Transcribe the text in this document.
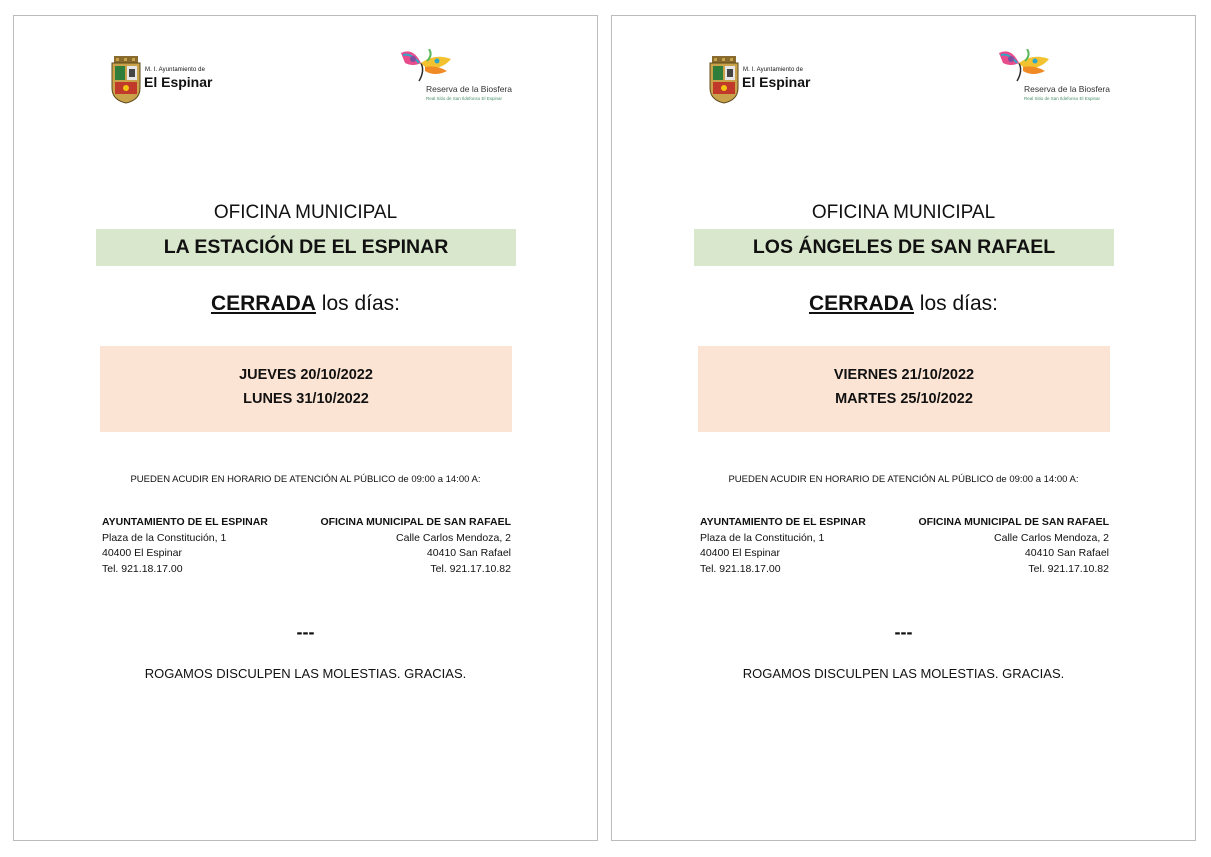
M. I. Ayuntamiento de
El Espinar	Reserva de la Biosfera
Real Sitio de San Ildefonso El Espinar
OFICINA MUNICIPAL
LA ESTACIÓN DE EL ESPINAR
CERRADA los días:
JUEVES 20/10/2022
LUNES 31/10/2022
PUEDEN ACUDIR EN HORARIO DE ATENCIÓN AL PÚBLICO de 09:00 a 14:00 A:
AYUNTAMIENTO DE EL ESPINAR
Plaza de la Constitución, 1
40400 El Espinar
Tel. 921.18.17.00
OFICINA MUNICIPAL DE SAN RAFAEL
Calle Carlos Mendoza, 2
40410 San Rafael
Tel. 921.17.10.82
---
ROGAMOS DISCULPEN LAS MOLESTIAS. GRACIAS.
M. I. Ayuntamiento de
El Espinar	Reserva de la Biosfera
Real Sitio de San Ildefonso El Espinar
OFICINA MUNICIPAL
LOS ÁNGELES DE SAN RAFAEL
CERRADA los días:
VIERNES 21/10/2022
MARTES 25/10/2022
PUEDEN ACUDIR EN HORARIO DE ATENCIÓN AL PÚBLICO de 09:00 a 14:00 A:
AYUNTAMIENTO DE EL ESPINAR
Plaza de la Constitución, 1
40400 El Espinar
Tel. 921.18.17.00
OFICINA MUNICIPAL DE SAN RAFAEL
Calle Carlos Mendoza, 2
40410 San Rafael
Tel. 921.17.10.82
---
ROGAMOS DISCULPEN LAS MOLESTIAS. GRACIAS.
